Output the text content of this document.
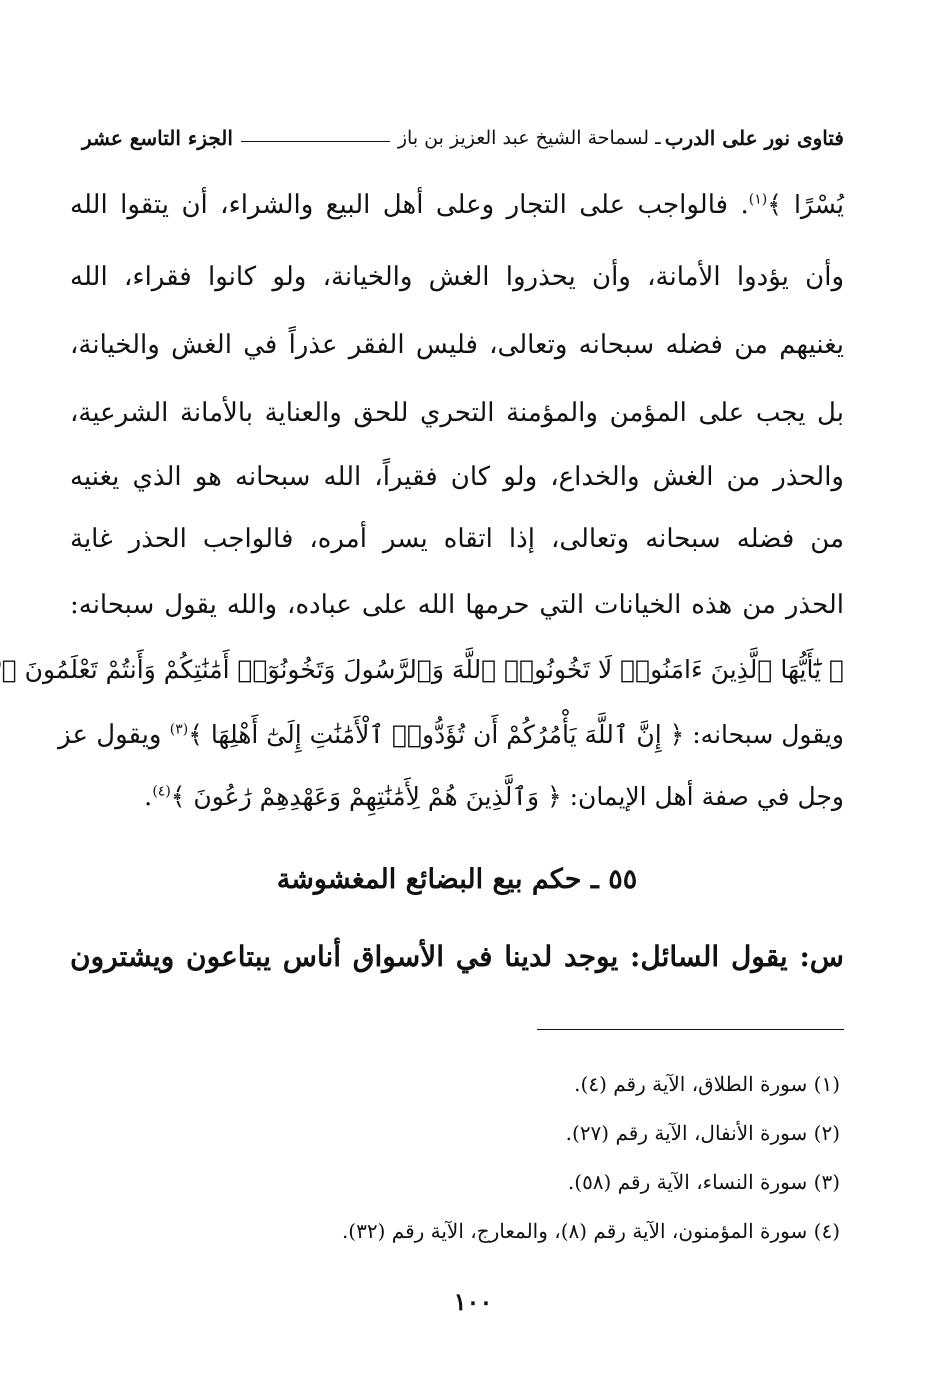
فتاوى نور على الدرب
ـ لسماحة الشيخ عبد العزيز بن باز
الجزء التاسع عشر
يُسْرًا ﴾$^{(١)}$. فالواجب على التجار وعلى أهل البيع والشراء، أن يتقوا الله
وأن يؤدوا الأمانة، وأن يحذروا الغش والخيانة، ولو كانوا فقراء، الله
يغنيهم من فضله سبحانه وتعالى، فليس الفقر عذراً في الغش والخيانة،
بل يجب على المؤمن والمؤمنة التحري للحق والعناية بالأمانة الشرعية،
والحذر من الغش والخداع، ولو كان فقيراً، الله سبحانه هو الذي يغنيه
من فضله سبحانه وتعالى، إذا اتقاه يسر أمره، فالواجب الحذر غاية
الحذر من هذه الخيانات التي حرمها الله على عباده، والله يقول سبحانه:
﴿ يَٰٓأَيُّهَا ٱلَّذِينَ ءَامَنُوا۟ لَا تَخُونُوا۟ ٱللَّهَ وَٱلرَّسُولَ وَتَخُونُوٓا۟ أَمَٰنَٰتِكُمْ وَأَنتُمْ تَعْلَمُونَ ﴾
ويقول سبحانه: ﴿ إِنَّ ٱللَّهَ يَأْمُرُكُمْ أَن تُؤَدُّوا۟ ٱلْأَمَٰنَٰتِ إِلَىٰٓ أَهْلِهَا ﴾$^{(٣)}$ ويقول عز
وجل في صفة أهل الإيمان: ﴿ وَٱلَّذِينَ هُمْ لِأَمَٰنَٰتِهِمْ وَعَهْدِهِمْ رَٰعُونَ ﴾$^{(٤)}$.
٥٥ ـ حكم بيع البضائع المغشوشة
س: يقول السائل: يوجد لدينا في الأسواق أناس يبتاعون ويشترون
(١) سورة الطلاق، الآية رقم (٤).
(٢) سورة الأنفال، الآية رقم (٢٧).
(٣) سورة النساء، الآية رقم (٥٨).
(٤) سورة المؤمنون، الآية رقم (٨)، والمعارج، الآية رقم (٣٢).
١٠٠
